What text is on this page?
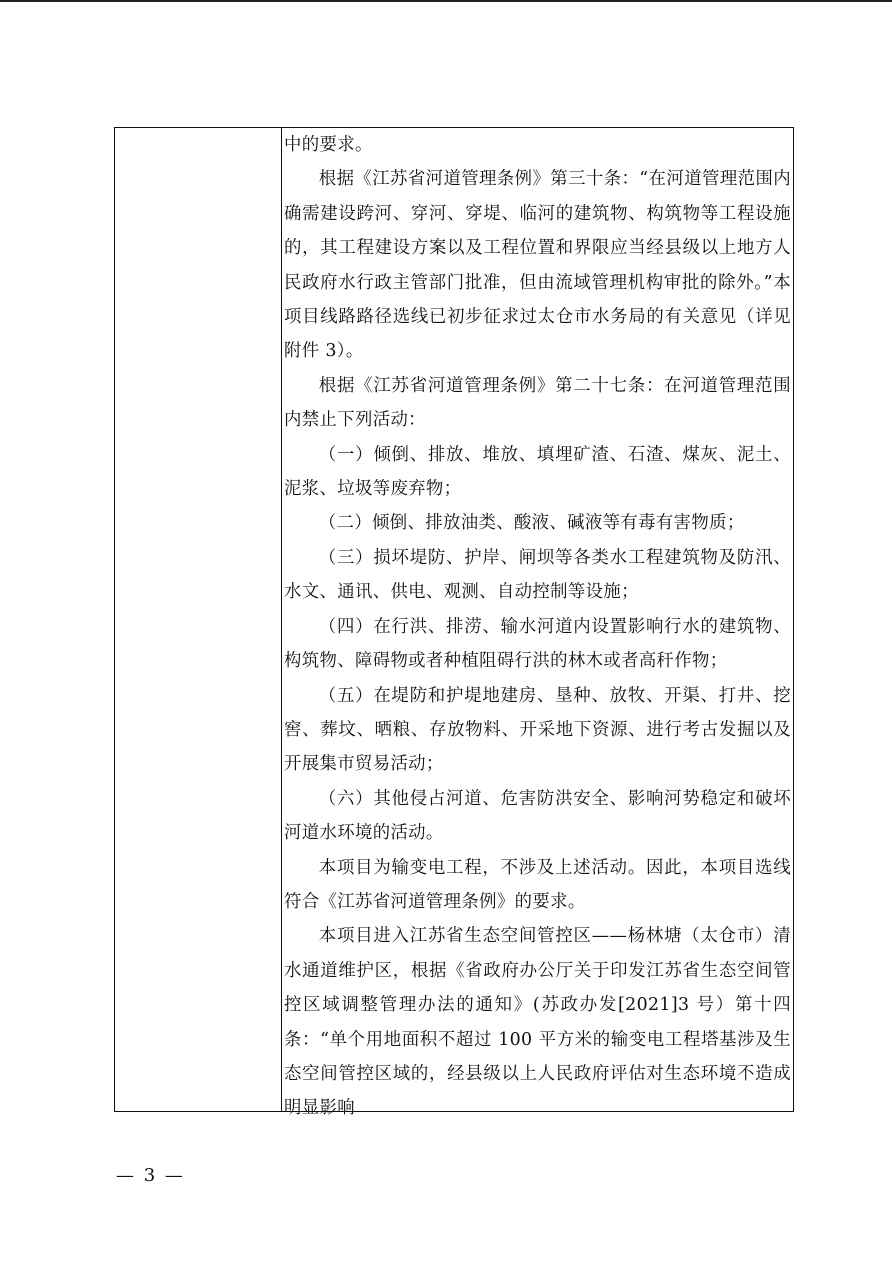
中的要求。

根据《江苏省河道管理条例》第三十条：“在河道管理范围内确需建设跨河、穿河、穿堤、临河的建筑物、构筑物等工程设施的，其工程建设方案以及工程位置和界限应当经县级以上地方人民政府水行政主管部门批准，但由流域管理机构审批的除外。”本项目线路路径选线已初步征求过太仓市水务局的有关意见（详见附件 3）。

根据《江苏省河道管理条例》第二十七条：在河道管理范围内禁止下列活动：

（一）倾倒、排放、堆放、填埋矿渣、石渣、煤灰、泥土、泥浆、垃圾等废弃物；

（二）倾倒、排放油类、酸液、碱液等有毒有害物质；

（三）损坏堤防、护岸、闸坝等各类水工程建筑物及防汛、水文、通讯、供电、观测、自动控制等设施；

（四）在行洪、排涝、输水河道内设置影响行水的建筑物、构筑物、障碍物或者种植阻碍行洪的林木或者高秆作物；

（五）在堤防和护堤地建房、垦种、放牧、开渠、打井、挖窖、葬坟、晒粮、存放物料、开采地下资源、进行考古发掘以及开展集市贸易活动；

（六）其他侵占河道、危害防洪安全、影响河势稳定和破坏河道水环境的活动。

本项目为输变电工程，不涉及上述活动。因此，本项目选线符合《江苏省河道管理条例》的要求。

本项目进入江苏省生态空间管控区——杨林塘（太仓市）清水通道维护区，根据《省政府办公厅关于印发江苏省生态空间管控区域调整管理办法的通知》(苏政办发[2021]3 号）第十四条：“单个用地面积不超过 100 平方米的输变电工程塔基涉及生态空间管控区域的，经县级以上人民政府评估对生态环境不造成明显影响

— 3 —
